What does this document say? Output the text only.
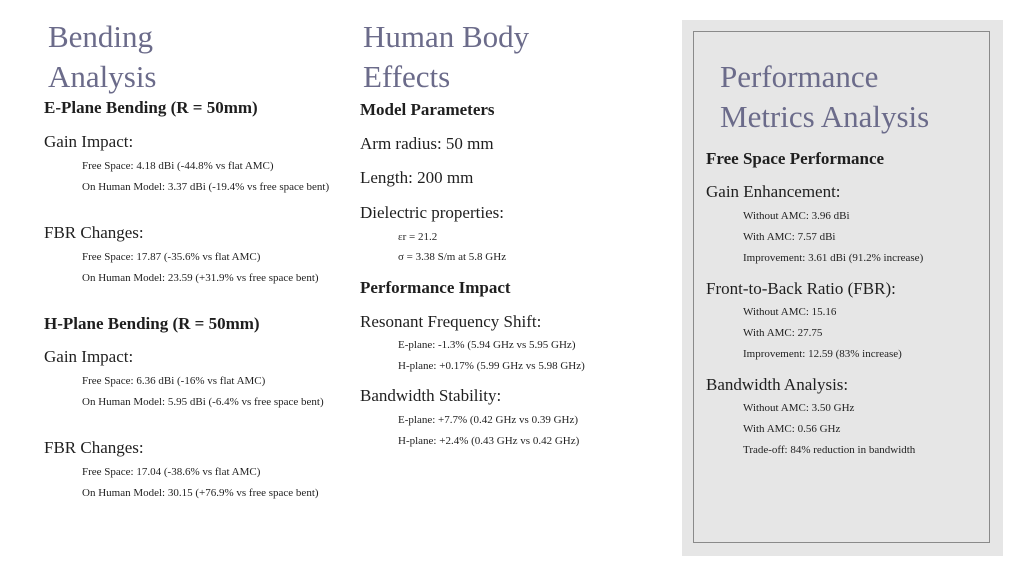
Bending
Analysis
E-Plane Bending (R = 50mm)
Gain Impact:
Free Space: 4.18 dBi (-44.8% vs flat AMC)
On Human Model: 3.37 dBi (-19.4% vs free space bent)
FBR Changes:
Free Space: 17.87 (-35.6% vs flat AMC)
On Human Model: 23.59 (+31.9% vs free space bent)
H-Plane Bending (R = 50mm)
Gain Impact:
Free Space: 6.36 dBi (-16% vs flat AMC)
On Human Model: 5.95 dBi (-6.4% vs free space bent)
FBR Changes:
Free Space: 17.04 (-38.6% vs flat AMC)
On Human Model: 30.15 (+76.9% vs free space bent)
Human Body
Effects
Model Parameters
Arm radius: 50 mm
Length: 200 mm
Dielectric properties:
εr = 21.2
σ = 3.38 S/m at 5.8 GHz
Performance Impact
Resonant Frequency Shift:
E-plane: -1.3% (5.94 GHz vs 5.95 GHz)
H-plane: +0.17% (5.99 GHz vs 5.98 GHz)
Bandwidth Stability:
E-plane: +7.7% (0.42 GHz vs 0.39 GHz)
H-plane: +2.4% (0.43 GHz vs 0.42 GHz)
Performance
Metrics Analysis
Free Space Performance
Gain Enhancement:
Without AMC: 3.96 dBi
With AMC: 7.57 dBi
Improvement: 3.61 dBi (91.2% increase)
Front-to-Back Ratio (FBR):
Without AMC: 15.16
With AMC: 27.75
Improvement: 12.59 (83% increase)
Bandwidth Analysis:
Without AMC: 3.50 GHz
With AMC: 0.56 GHz
Trade-off: 84% reduction in bandwidth
